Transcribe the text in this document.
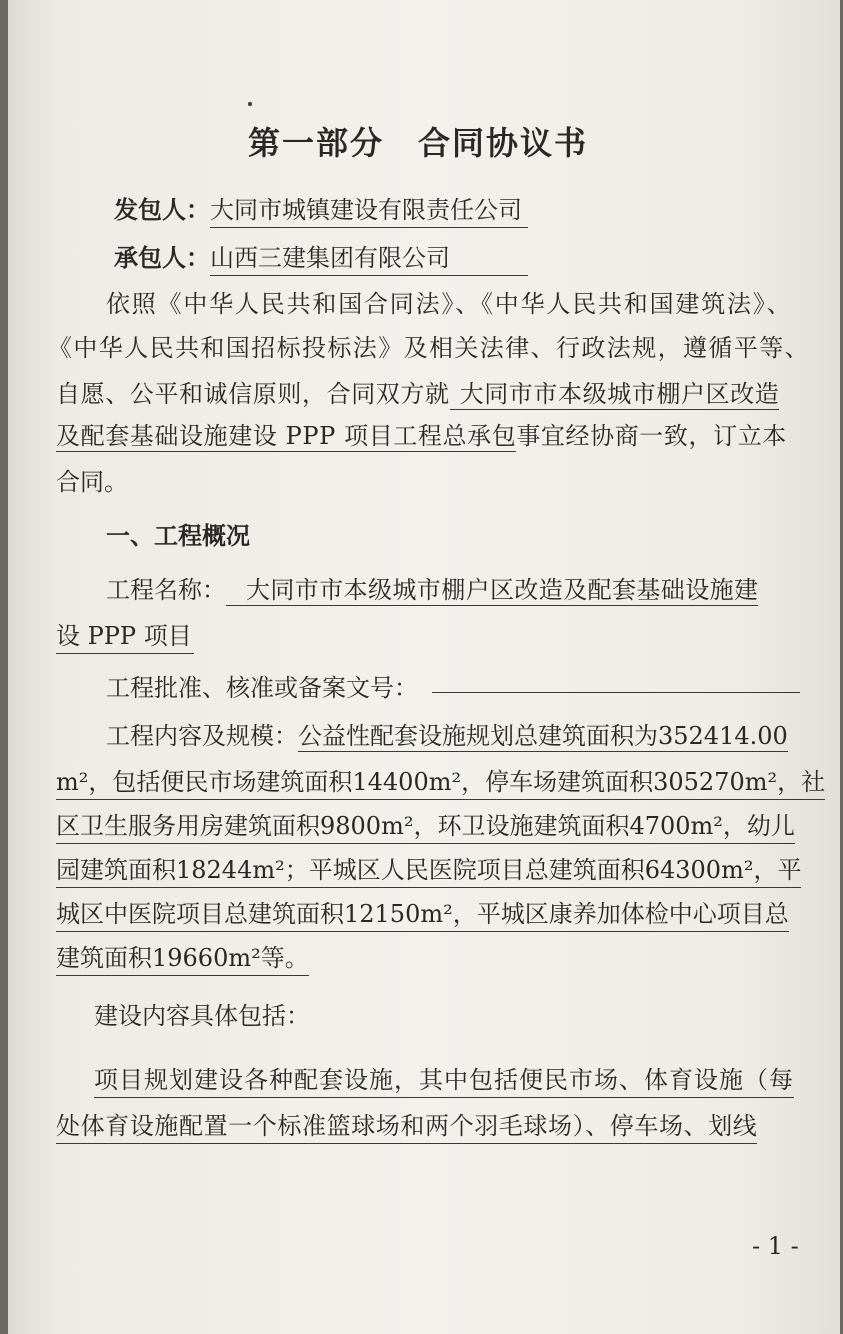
第一部分　合同协议书
发包人：大同市城镇建设有限责任公司
承包人：山西三建集团有限公司
依照《中华人民共和国合同法》、《中华人民共和国建筑法》、
《中华人民共和国招标投标法》及相关法律、行政法规，遵循平等、
自愿、公平和诚信原则，合同双方就 大同市市本级城市棚户区改造
及配套基础设施建设 PPP 项目工程总承包事宜经协商一致，订立本
合同。
一、工程概况
工程名称： 大同市市本级城市棚户区改造及配套基础设施建
设 PPP 项目
工程批准、核准或备案文号：
工程内容及规模：公益性配套设施规划总建筑面积为352414.00
m²，包括便民市场建筑面积14400m²，停车场建筑面积305270m²，社
区卫生服务用房建筑面积9800m²，环卫设施建筑面积4700m²，幼儿
园建筑面积18244m²；平城区人民医院项目总建筑面积64300m²，平
城区中医院项目总建筑面积12150m²，平城区康养加体检中心项目总
建筑面积19660m²等。
建设内容具体包括：
项目规划建设各种配套设施，其中包括便民市场、体育设施（每
处体育设施配置一个标准篮球场和两个羽毛球场）、停车场、划线
- 1 -
